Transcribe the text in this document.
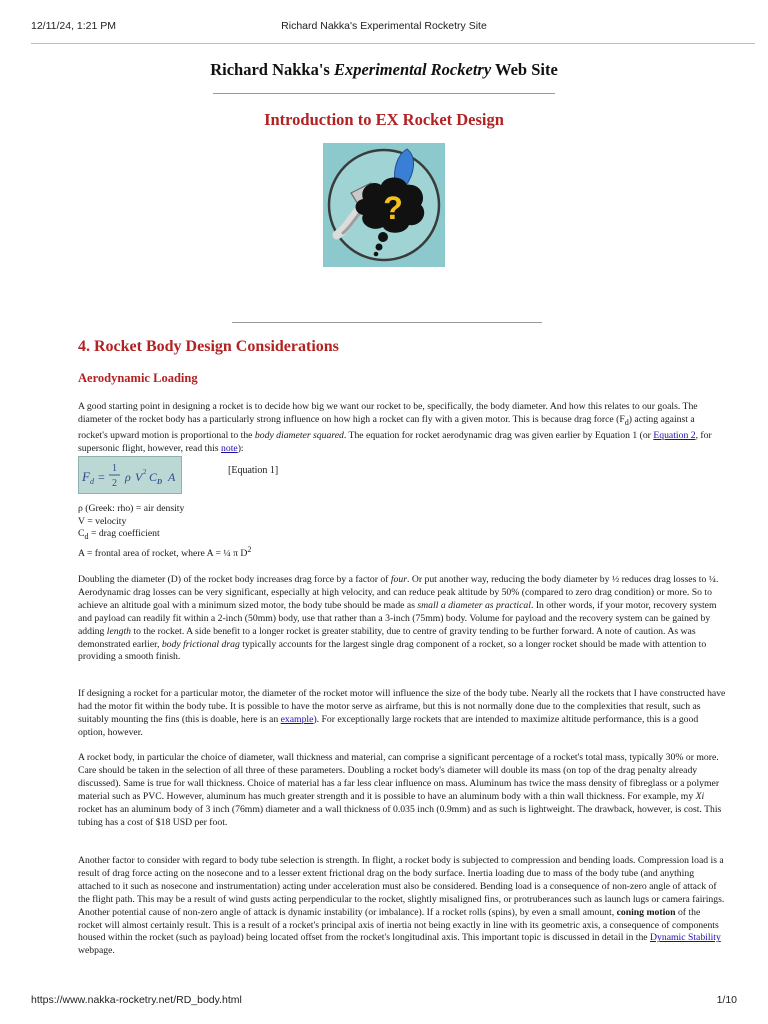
12/11/24, 1:21 PM	Richard Nakka's Experimental Rocketry Site
Richard Nakka's Experimental Rocketry Web Site
Introduction to EX Rocket Design
?
4. Rocket Body Design Considerations
Aerodynamic Loading

A good starting point in designing a rocket is to decide how big we want our rocket to be, specifically, the body diameter. And how this relates to our goals. The diameter of the rocket body has a particularly strong influence on how high a rocket can fly with a given motor. This is because drag force $(F_d)$ acting against a rocket's upward motion is proportional to the body diameter squared. The equation for rocket aerodynamic drag was given earlier by Equation 1 (or Equation 2, for supersonic flight, however, read this note):

F d =
1
2 ρ V 2 C D A	[Equation 1]
ρ (Greek: rho) = air density
V = velocity
$C_d$ = drag coefficient
A = frontal area of rocket, where A = ¼ π $D^2$

Doubling the diameter (D) of the rocket body increases drag force by a factor of four. Or put another way, reducing the body diameter by ½ reduces drag losses to ¼. Aerodynamic drag losses can be very significant, especially at high velocity, and can reduce peak altitude by 50% (compared to zero drag condition) or more. So to achieve an altitude goal with a minimum sized motor, the body tube should be made as small a diameter as practical. In other words, if your motor, recovery system and payload can readily fit within a 2-inch (50mm) body, use that rather than a 3-inch (75mm) body. Volume for payload and the recovery system can be gained by adding length to the rocket. A side benefit to a longer rocket is greater stability, due to centre of gravity tending to be further forward. A note of caution. As was demonstrated earlier, body frictional drag typically accounts for the largest single drag component of a rocket, so a longer rocket should be made with attention to providing a smooth finish.

If designing a rocket for a particular motor, the diameter of the rocket motor will influence the size of the body tube. Nearly all the rockets that I have constructed have had the motor fit within the body tube. It is possible to have the motor serve as airframe, but this is not normally done due to the complexities that result, such as suitably mounting the fins (this is doable, here is an example). For exceptionally large rockets that are intended to maximize altitude performance, this is a good option, however.

A rocket body, in particular the choice of diameter, wall thickness and material, can comprise a significant percentage of a rocket's total mass, typically 30% or more. Care should be taken in the selection of all three of these parameters. Doubling a rocket body's diameter will double its mass (on top of the drag penalty already discussed). Same is true for wall thickness. Choice of material has a far less clear influence on mass. Aluminum has twice the mass density of fibreglass or a polymer material such as PVC. However, aluminum has much greater strength and it is possible to have an aluminum body with a thin wall thickness. For example, my Xi rocket has an aluminum body of 3 inch (76mm) diameter and a wall thickness of 0.035 inch (0.9mm) and as such is lightweight. The drawback, however, is cost. This tubing has a cost of $18 USD per foot.

Another factor to consider with regard to body tube selection is strength. In flight, a rocket body is subjected to compression and bending loads. Compression load is a result of drag force acting on the nosecone and to a lesser extent frictional drag on the body surface. Inertia loading due to mass of the body tube (and anything attached to it such as nosecone and instrumentation) acting under acceleration must also be considered. Bending load is a consequence of non-zero angle of attack of the flight path. This may be a result of wind gusts acting perpendicular to the rocket, slightly misaligned fins, or protruberances such as launch lugs or camera fairings. Another potential cause of non-zero angle of attack is dynamic instability (or imbalance). If a rocket rolls (spins), by even a small amount, coning motion of the rocket will almost certainly result. This is a result of a rocket's principal axis of inertia not being exactly in line with its geometric axis, a consequence of components housed within the rocket (such as payload) being located offset from the rocket's longitudinal axis. This important topic is discussed in detail in the Dynamic Stability webpage.

https://www.nakka-rocketry.net/RD_body.html	1/10
